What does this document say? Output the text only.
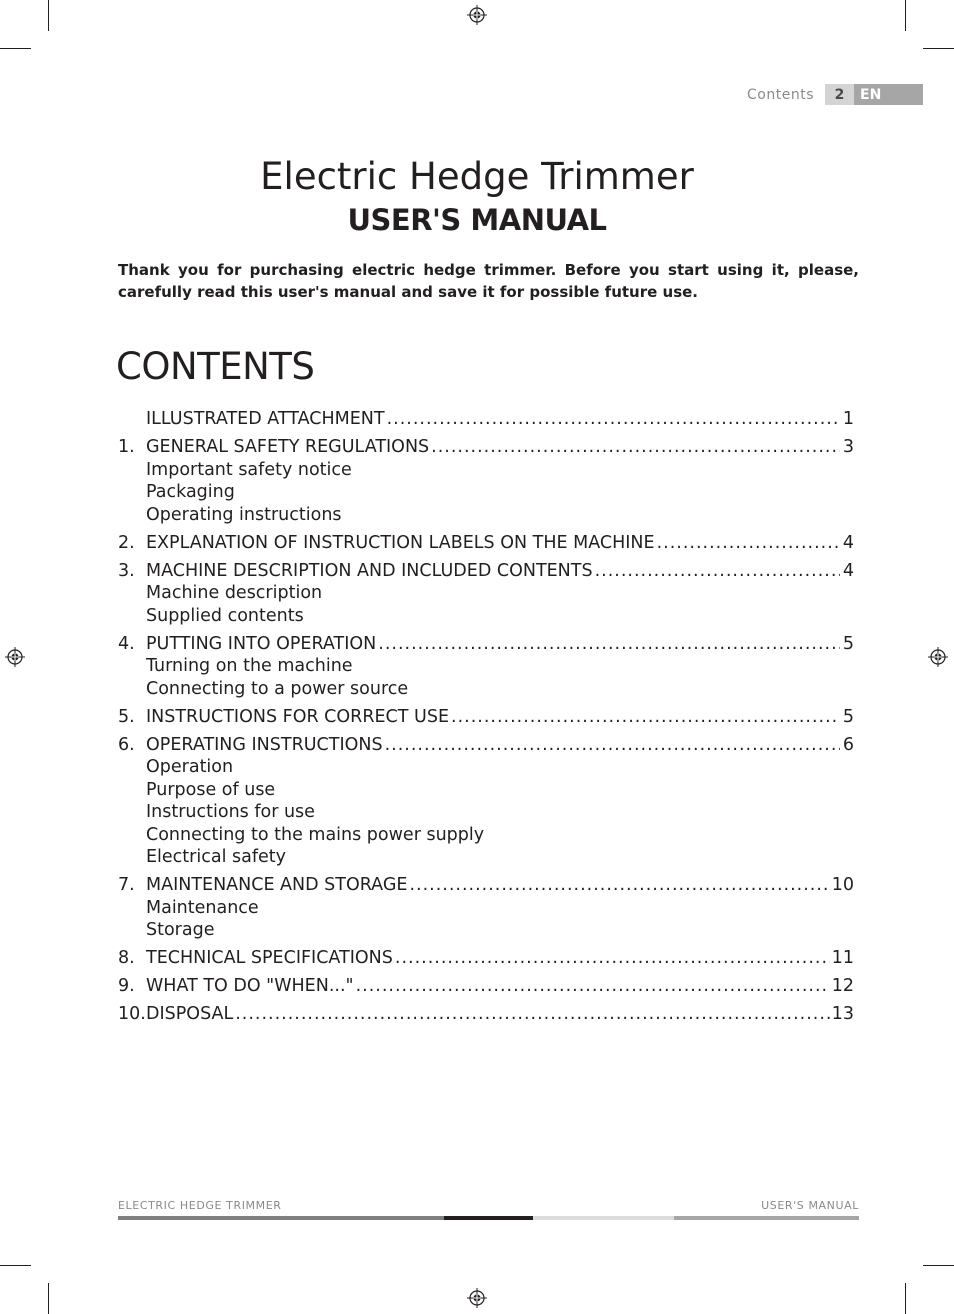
Contents	2	EN
Electric Hedge Trimmer
USER'S MANUAL

Thank you for purchasing electric hedge trimmer. Before you start using it, please, carefully read this user's manual and save it for possible future use.

CONTENTS
ILLUSTRATED ATTACHMENT .....	1
1. GENERAL SAFETY REGULATIONS .....	3
Important safety notice
Packaging
Operating instructions
2. EXPLANATION OF INSTRUCTION LABELS ON THE MACHINE .....	4
3. MACHINE DESCRIPTION AND INCLUDED CONTENTS .....	4
Machine description
Supplied contents
4. PUTTING INTO OPERATION .....	5
Turning on the machine
Connecting to a power source
5. INSTRUCTIONS FOR CORRECT USE .....	5
6. OPERATING INSTRUCTIONS .....	6
Operation
Purpose of use
Instructions for use
Connecting to the mains power supply
Electrical safety
7. MAINTENANCE AND STORAGE .....	10
Maintenance
Storage
8. TECHNICAL SPECIFICATIONS .....	11
9. WHAT TO DO "WHEN..." .....	12
10. DISPOSAL .....	13
ELECTRIC HEDGE TRIMMER	USER'S MANUAL
